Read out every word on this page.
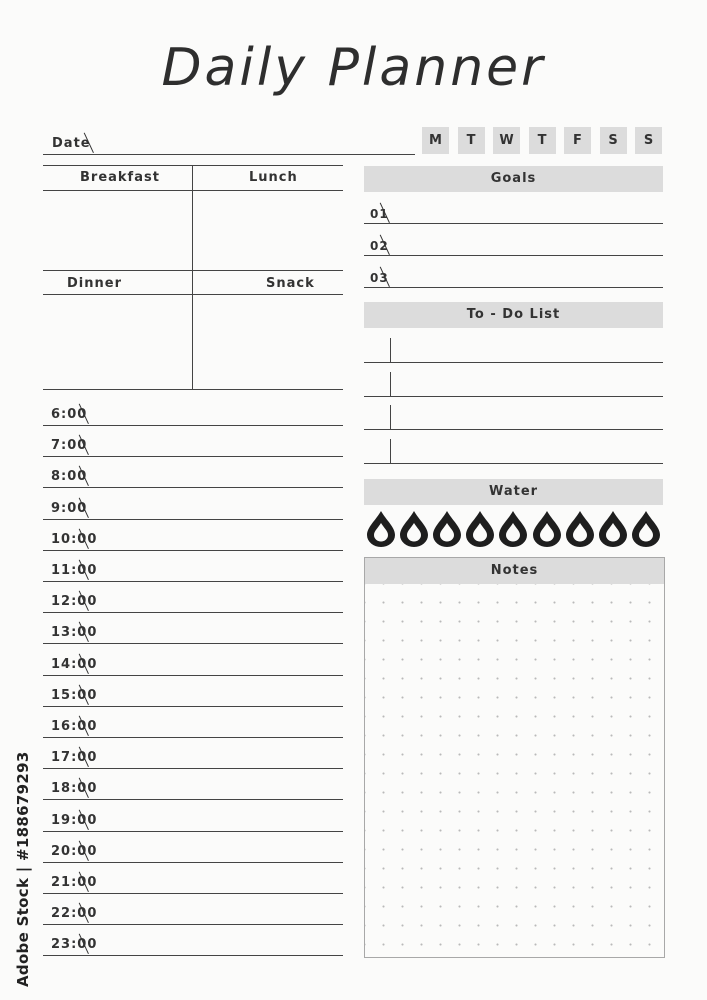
Daily Planner
Date	M	T	W	T	F	S	S
Breakfast	Lunch
Dinner	Snack
6:00
7:00
8:00
9:00
10:00
11:00
12:00
13:00
14:00
15:00
16:00
17:00
18:00
19:00
20:00
21:00
22:00
23:00
Goals
01
02
03
To - Do List
Water
Notes
Adobe Stock | #188679293
